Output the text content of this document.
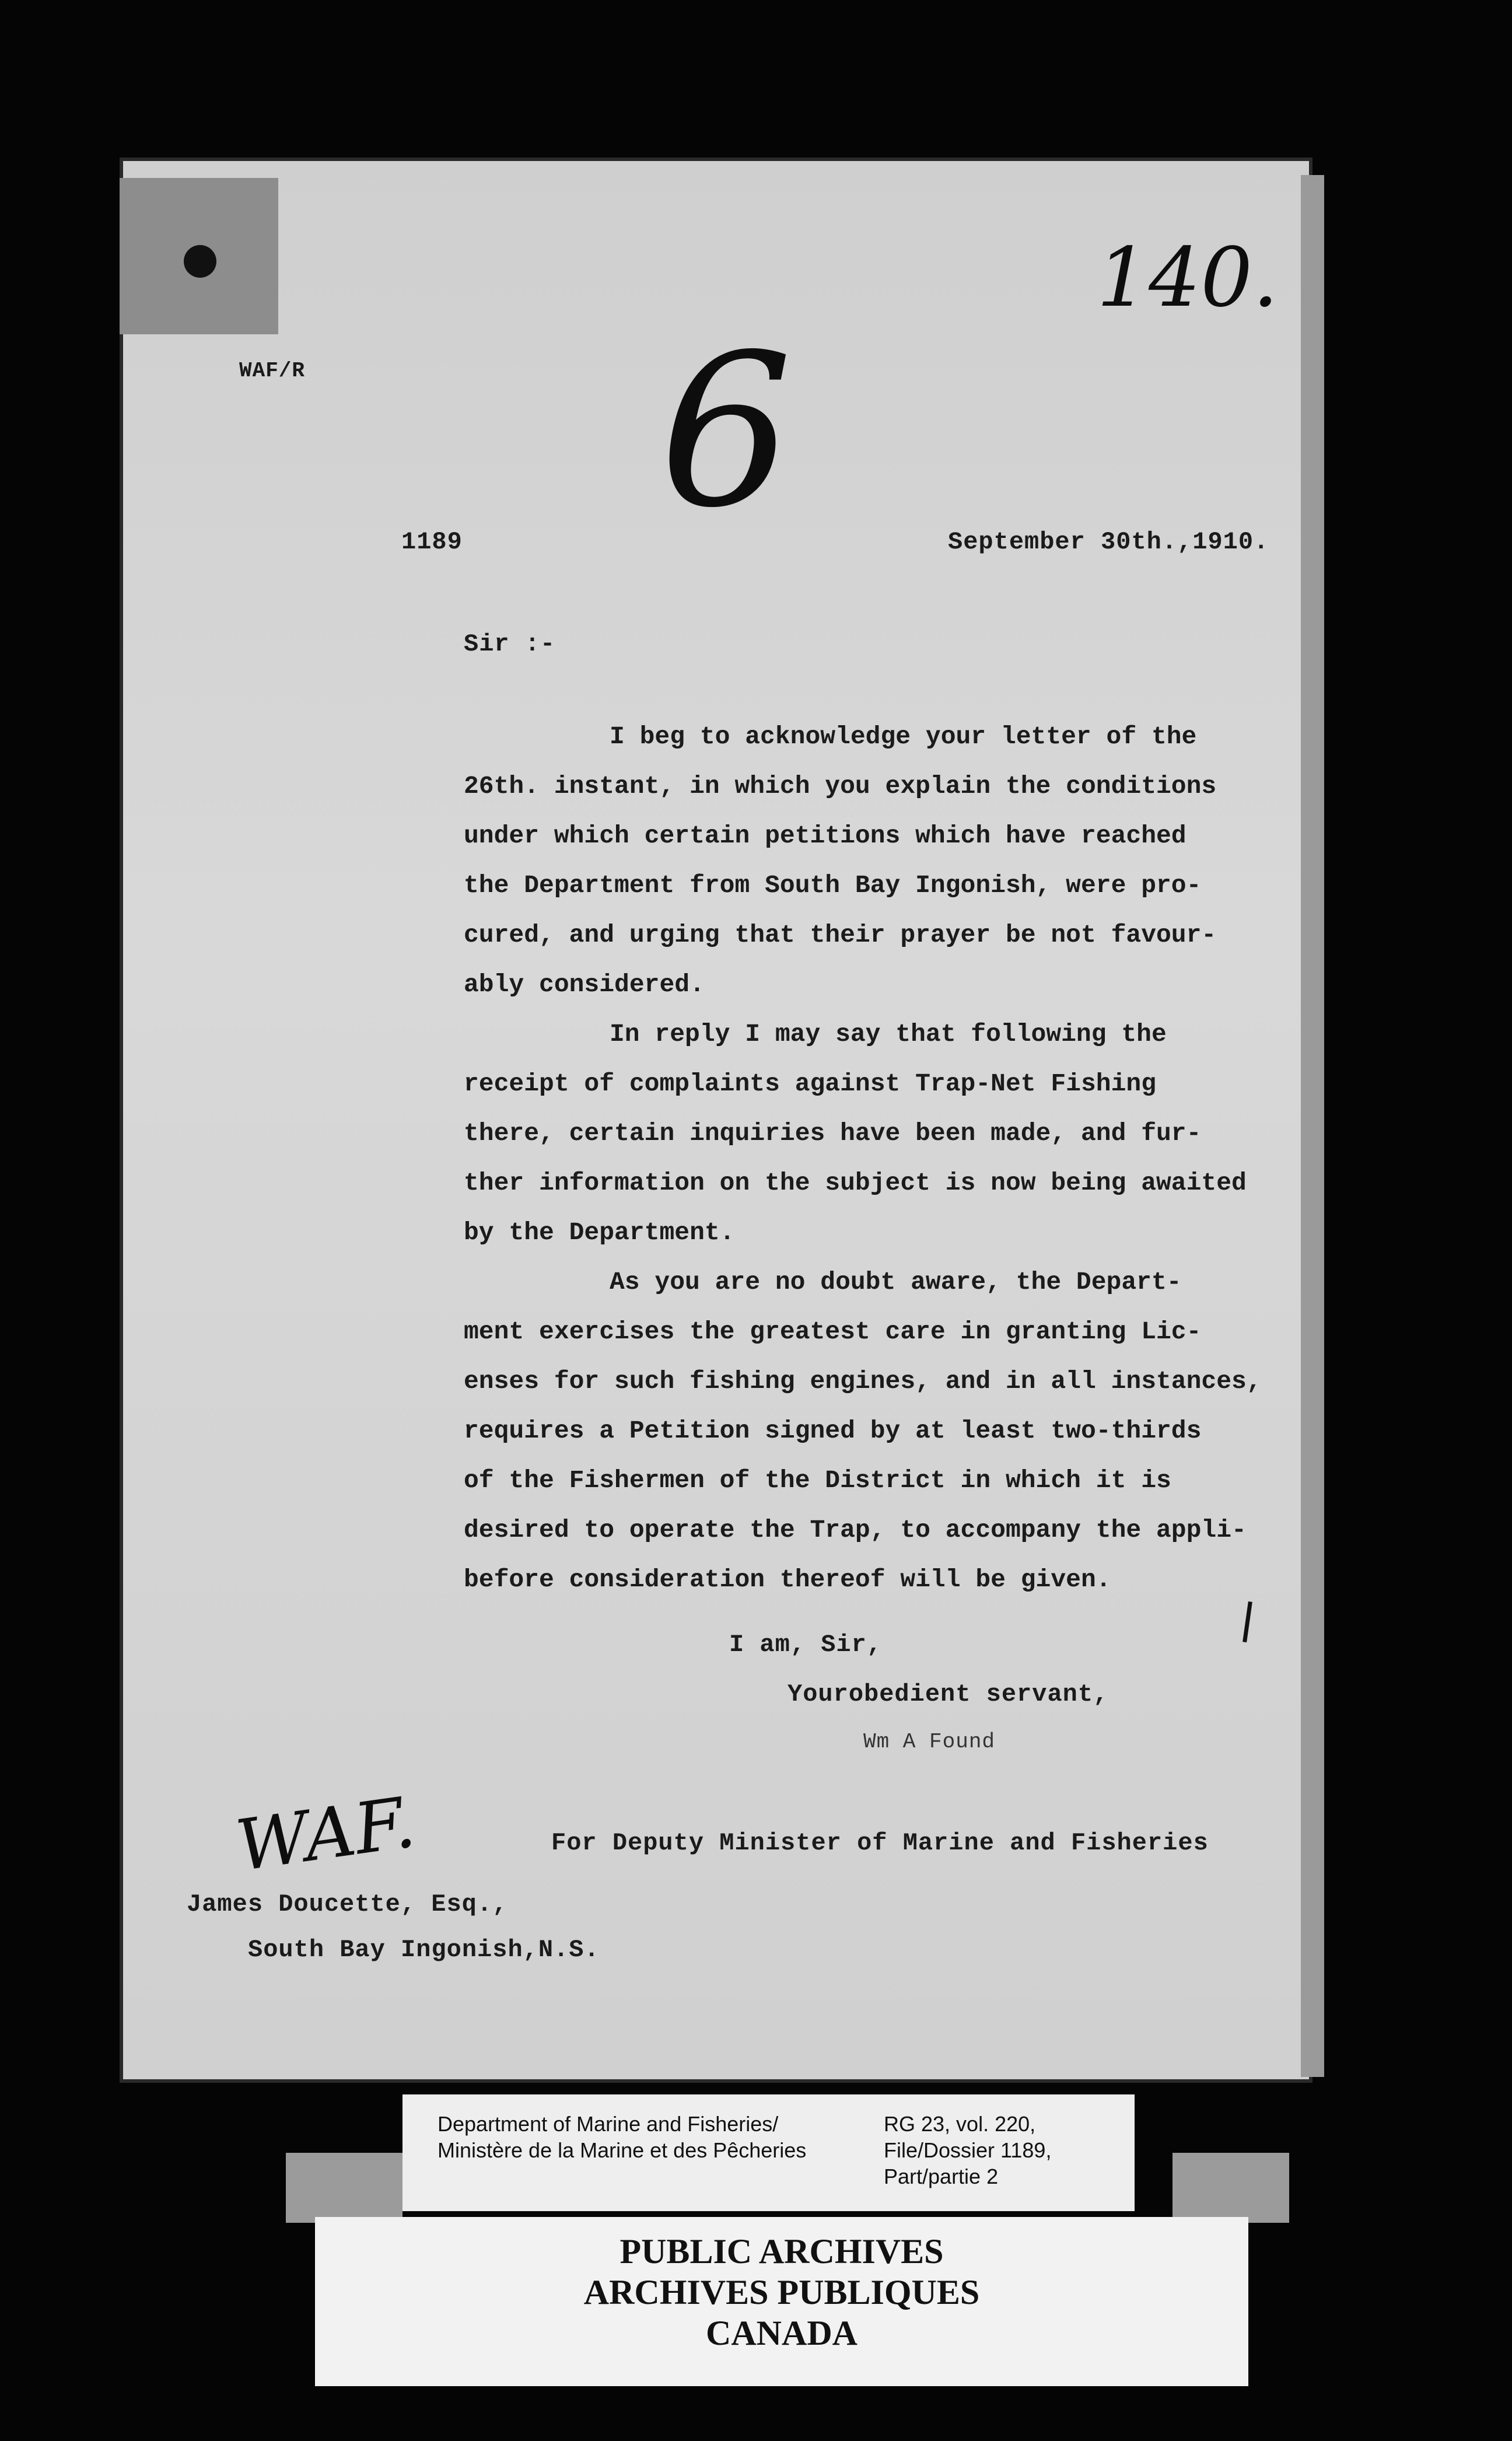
WAF/R
140.
6
1189	September 30th.,1910.
Sir :-
I beg to acknowledge your letter of the
26th. instant, in which you explain the conditions
under which certain petitions which have reached
the Department from South Bay Ingonish, were pro-
cured, and urging that their prayer be not favour-
ably considered.
In reply I may say that following the
receipt of complaints against Trap-Net Fishing
there, certain inquiries have been made, and fur-
ther information on the subject is now being awaited
by the Department.
As you are no doubt aware, the Depart-
ment exercises the greatest care in granting Lic-
enses for such fishing engines, and in all instances,
requires a Petition signed by at least two-thirds
of the Fishermen of the District in which it is
desired to operate the Trap, to accompany the appli-
before consideration thereof will be given.
I am, Sir,
Yourobedient servant,
Wm A Found
WAF.	For Deputy Minister of Marine and Fisheries
James Doucette, Esq.,
South Bay Ingonish,N.S.
Department of Marine and Fisheries/
Ministère de la Marine et des Pêcheries
RG 23, vol. 220,
File/Dossier 1189,
Part/partie 2
PUBLIC ARCHIVES
ARCHIVES PUBLIQUES
CANADA
